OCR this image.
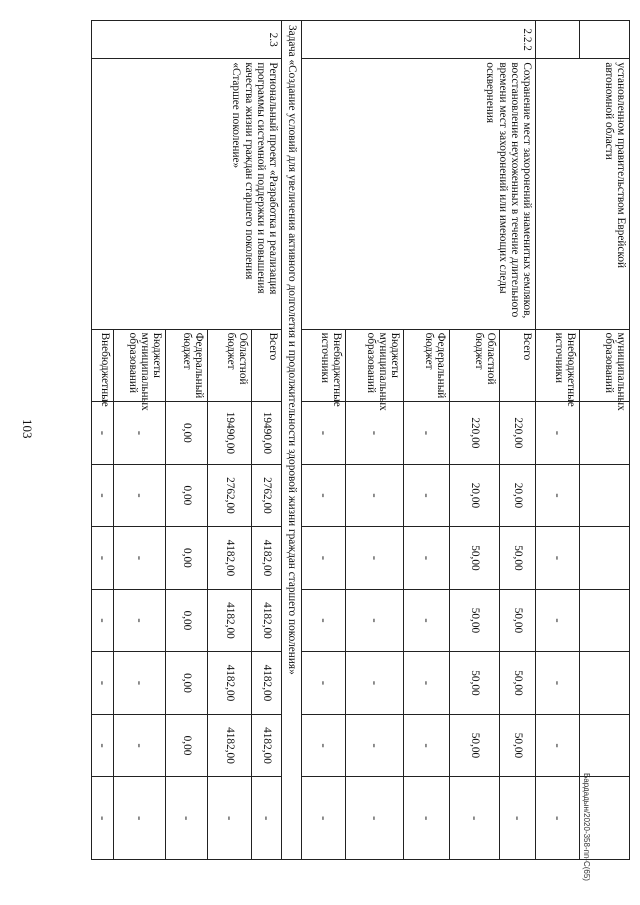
103
Бардадын/2020-358-пп-С(65)
	установленном правительством Еврейской автономной области	муниципальных образований							
		Внебюджетные источники	-	-	-	-	-	-	-
2.2.2	Сохранение мест захоронений знаменитых земляков, восстановление неухоженных в течение длительного времени мест захоронений или имеющих следы осквернения	Всего	220,00	20,00	50,00	50,00	50,00	50,00	-
		Областной бюджет	220,00	20,00	50,00	50,00	50,00	50,00	-
		Федеральный бюджет	-	-	-	-	-	-	-
		Бюджеты муниципальных образований	-	-	-	-	-	-	-
		Внебюджетные источники	-	-	-	-	-	-	-
Задача «Создание условий для увеличения активного долголетия и продолжительности здоровой жизни граждан старшего поколения»									
2.3	Региональный проект «Разработка и реализация программы системной поддержки и повышения качества жизни граждан старшего поколения «Старшее поколение»	Всего	19490,00	2762,00	4182,00	4182,00	4182,00	4182,00	-
		Областной бюджет	19490,00	2762,00	4182,00	4182,00	4182,00	4182,00	-
		Федеральный бюджет	0,00	0,00	0,00	0,00	0,00	0,00	-
		Бюджеты муниципальных образований	-	-	-	-	-	-	-
		Внебюджетные	-	-	-	-	-	-	-
